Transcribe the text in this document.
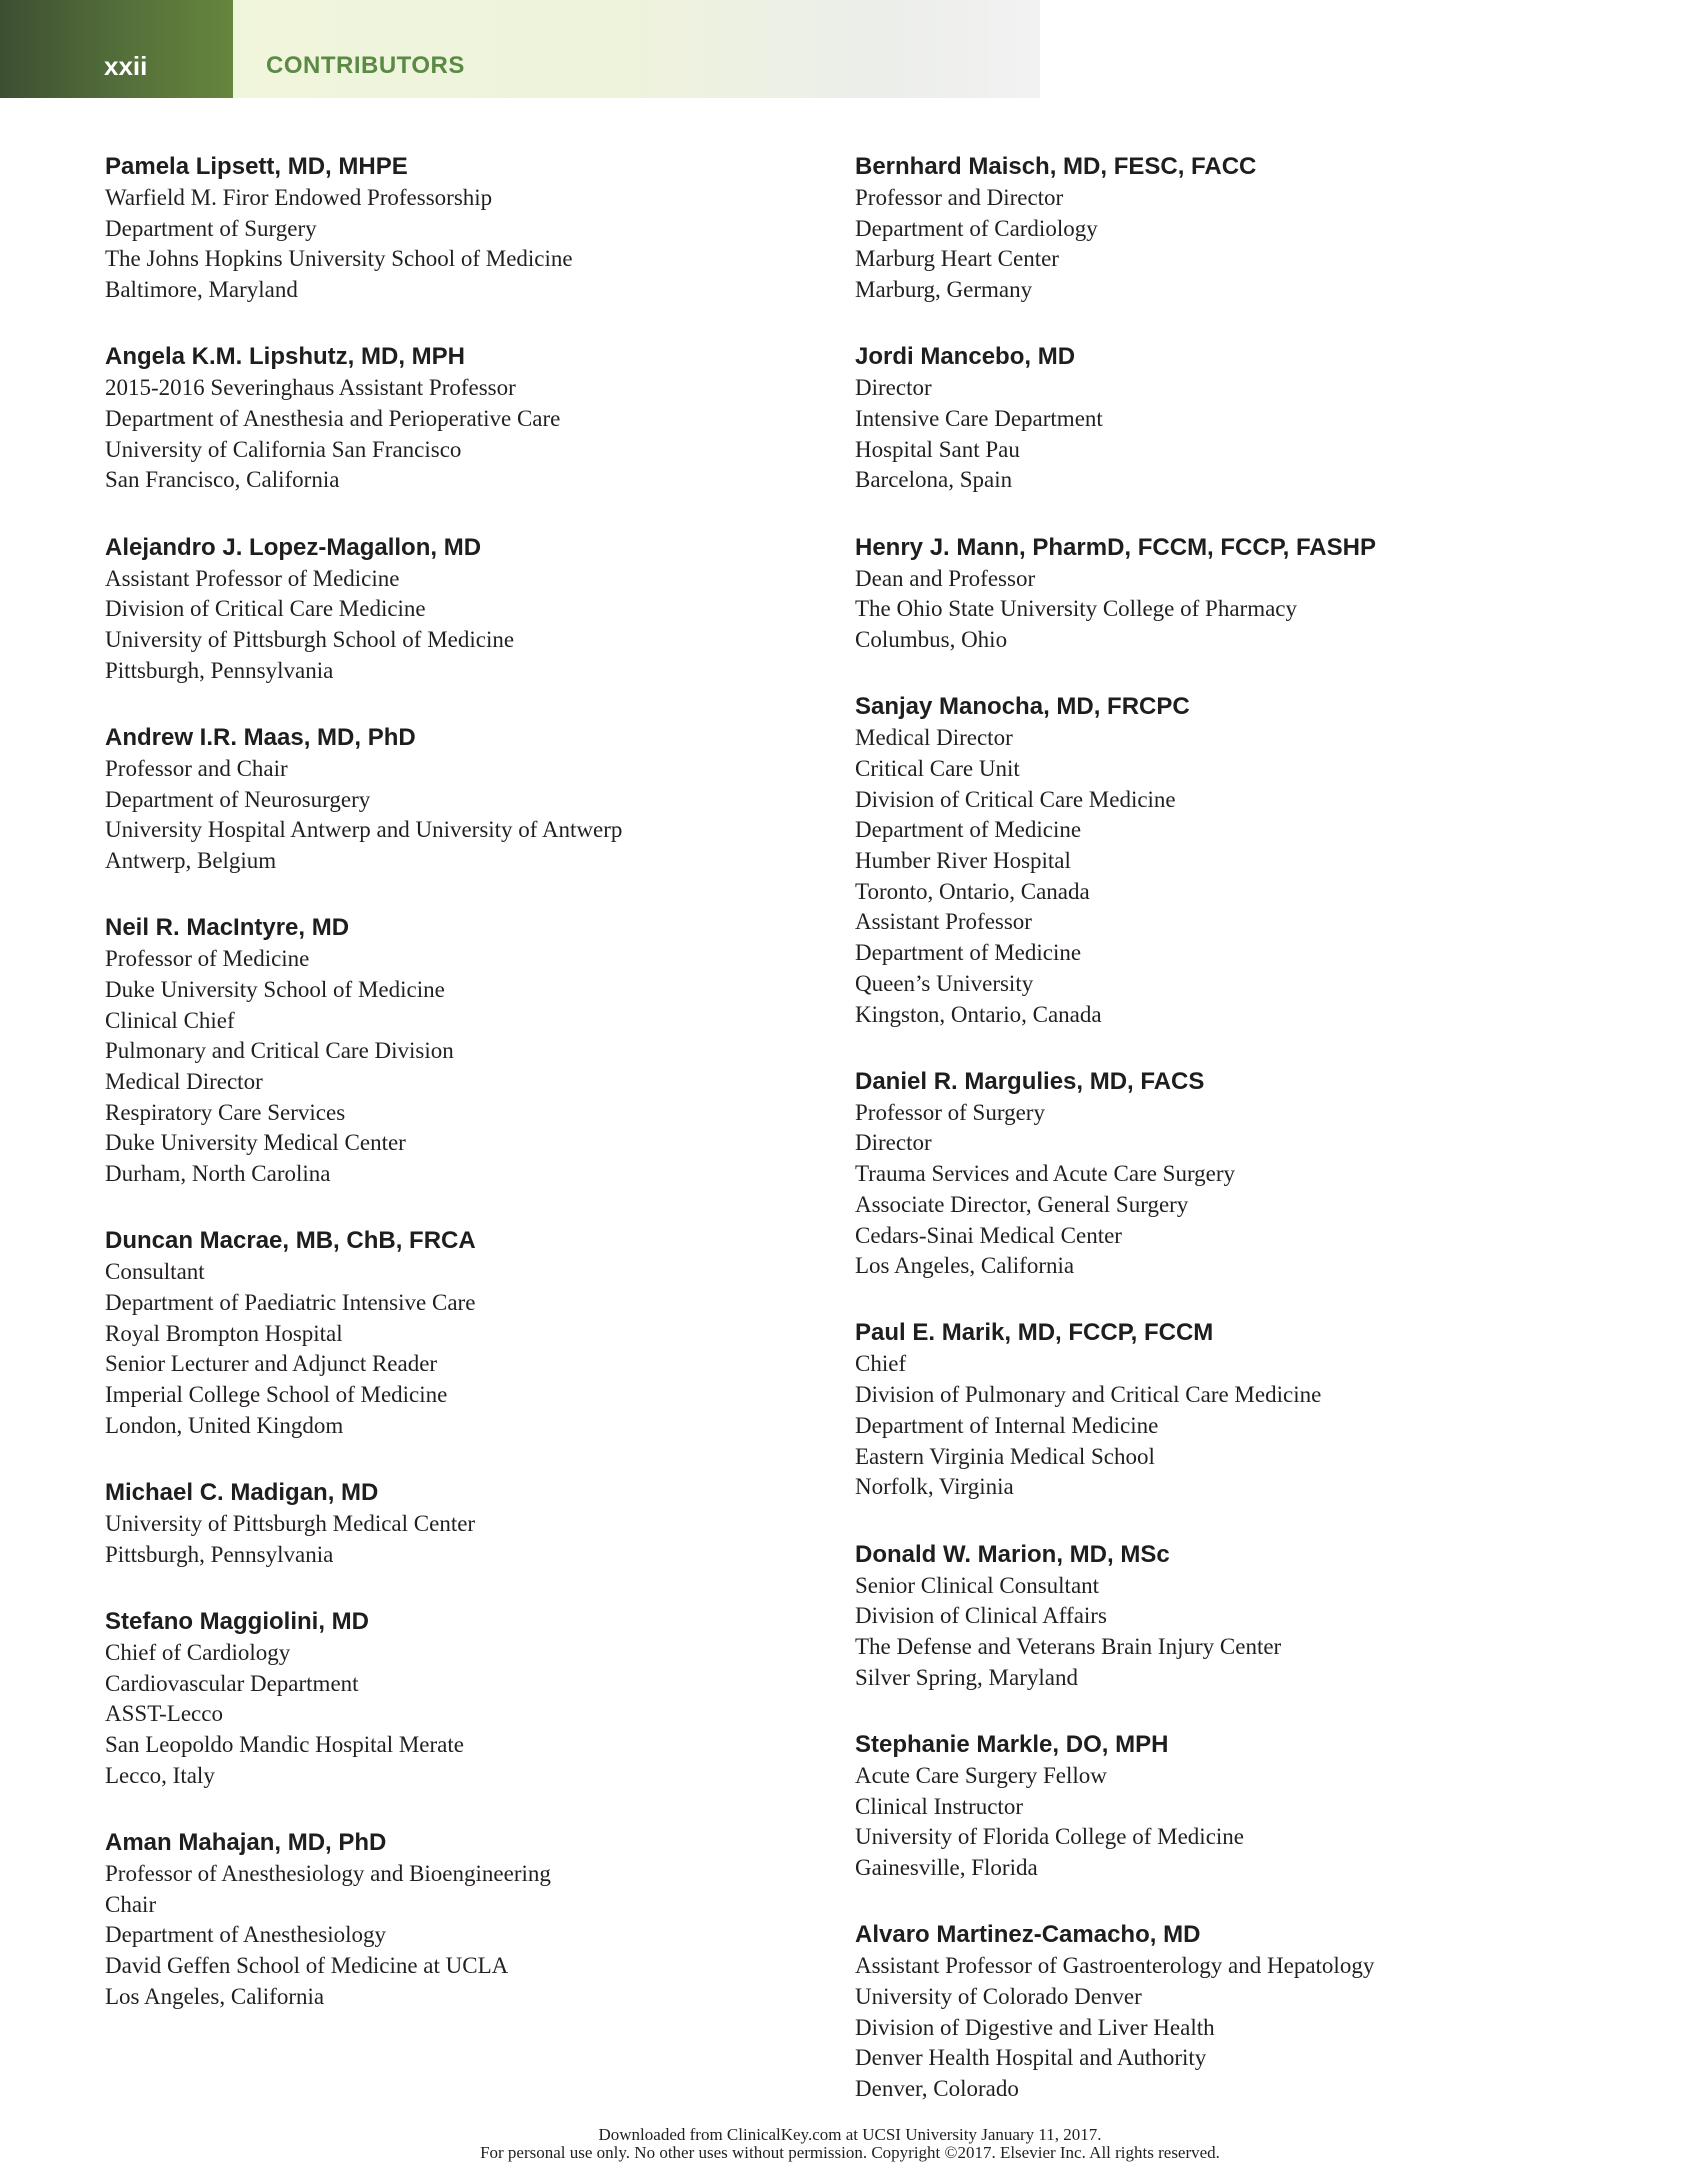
xxii	CONTRIBUTORS
Pamela Lipsett, MD, MHPE
Warfield M. Firor Endowed Professorship
Department of Surgery
The Johns Hopkins University School of Medicine
Baltimore, Maryland
Angela K.M. Lipshutz, MD, MPH
2015-2016 Severinghaus Assistant Professor
Department of Anesthesia and Perioperative Care
University of California San Francisco
San Francisco, California
Alejandro J. Lopez-Magallon, MD
Assistant Professor of Medicine
Division of Critical Care Medicine
University of Pittsburgh School of Medicine
Pittsburgh, Pennsylvania
Andrew I.R. Maas, MD, PhD
Professor and Chair
Department of Neurosurgery
University Hospital Antwerp and University of Antwerp
Antwerp, Belgium
Neil R. MacIntyre, MD
Professor of Medicine
Duke University School of Medicine
Clinical Chief
Pulmonary and Critical Care Division
Medical Director
Respiratory Care Services
Duke University Medical Center
Durham, North Carolina
Duncan Macrae, MB, ChB, FRCA
Consultant
Department of Paediatric Intensive Care
Royal Brompton Hospital
Senior Lecturer and Adjunct Reader
Imperial College School of Medicine
London, United Kingdom
Michael C. Madigan, MD
University of Pittsburgh Medical Center
Pittsburgh, Pennsylvania
Stefano Maggiolini, MD
Chief of Cardiology
Cardiovascular Department
ASST-Lecco
San Leopoldo Mandic Hospital Merate
Lecco, Italy
Aman Mahajan, MD, PhD
Professor of Anesthesiology and Bioengineering
Chair
Department of Anesthesiology
David Geffen School of Medicine at UCLA
Los Angeles, California
Bernhard Maisch, MD, FESC, FACC
Professor and Director
Department of Cardiology
Marburg Heart Center
Marburg, Germany
Jordi Mancebo, MD
Director
Intensive Care Department
Hospital Sant Pau
Barcelona, Spain
Henry J. Mann, PharmD, FCCM, FCCP, FASHP
Dean and Professor
The Ohio State University College of Pharmacy
Columbus, Ohio
Sanjay Manocha, MD, FRCPC
Medical Director
Critical Care Unit
Division of Critical Care Medicine
Department of Medicine
Humber River Hospital
Toronto, Ontario, Canada
Assistant Professor
Department of Medicine
Queen’s University
Kingston, Ontario, Canada
Daniel R. Margulies, MD, FACS
Professor of Surgery
Director
Trauma Services and Acute Care Surgery
Associate Director, General Surgery
Cedars-Sinai Medical Center
Los Angeles, California
Paul E. Marik, MD, FCCP, FCCM
Chief
Division of Pulmonary and Critical Care Medicine
Department of Internal Medicine
Eastern Virginia Medical School
Norfolk, Virginia
Donald W. Marion, MD, MSc
Senior Clinical Consultant
Division of Clinical Affairs
The Defense and Veterans Brain Injury Center
Silver Spring, Maryland
Stephanie Markle, DO, MPH
Acute Care Surgery Fellow
Clinical Instructor
University of Florida College of Medicine
Gainesville, Florida
Alvaro Martinez-Camacho, MD
Assistant Professor of Gastroenterology and Hepatology
University of Colorado Denver
Division of Digestive and Liver Health
Denver Health Hospital and Authority
Denver, Colorado
Downloaded from ClinicalKey.com at UCSI University January 11, 2017.
For personal use only. No other uses without permission. Copyright ©2017. Elsevier Inc. All rights reserved.
